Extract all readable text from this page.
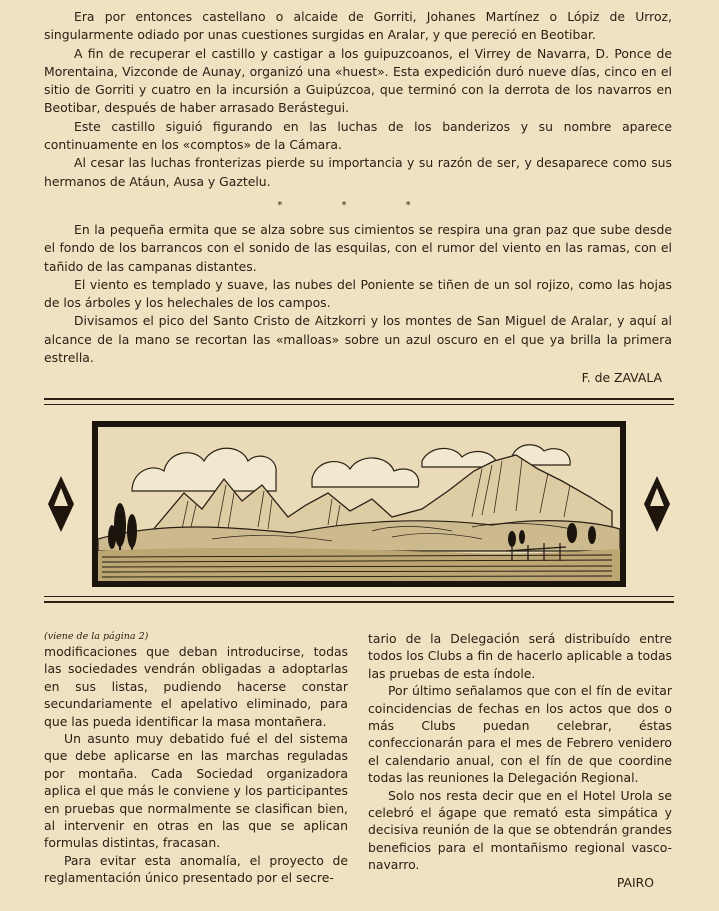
Era por entonces castellano o alcaide de Gorriti, Johanes Martínez o Lópiz de Urroz, singularmente odiado por unas cuestiones surgidas en Aralar, y que pereció en Beotibar.

A fin de recuperar el castillo y castigar a los guipuzcoanos, el Virrey de Navarra, D. Ponce de Morentaina, Vizconde de Aunay, organizó una «huest». Esta expedición duró nueve días, cinco en el sitio de Gorriti y cuatro en la incursión a Guipúzcoa, que terminó con la derrota de los navarros en Beotibar, después de haber arrasado Berástegui.

Este castillo siguió figurando en las luchas de los banderizos y su nombre aparece continuamente en los «comptos» de la Cámara.

Al cesar las luchas fronterizas pierde su importancia y su razón de ser, y desaparece como sus hermanos de Atáun, Ausa y Gaztelu.

* * *

En la pequeña ermita que se alza sobre sus cimientos se respira una gran paz que sube desde el fondo de los barrancos con el sonido de las esquilas, con el rumor del viento en las ramas, con el tañido de las campanas distantes.

El viento es templado y suave, las nubes del Poniente se tiñen de un sol rojizo, como las hojas de los árboles y los helechales de los campos.

Divisamos el pico del Santo Cristo de Aitzkorri y los montes de San Miguel de Aralar, y aquí al alcance de la mano se recortan las «malloas» sobre un azul oscuro en el que ya brilla la primera estrella.

F. de ZAVALA

(viene de la página 2)

modificaciones que deban introducirse, todas las sociedades vendrán obligadas a adoptarlas en sus listas, pudiendo hacerse constar secundariamente el apelativo eliminado, para que las pueda identificar la masa montañera.

Un asunto muy debatido fué el del sistema que debe aplicarse en las marchas reguladas por montaña. Cada Sociedad organizadora aplica el que más le conviene y los participantes en pruebas que normalmente se clasifican bien, al intervenir en otras en las que se aplican formulas distintas, fracasan.

Para evitar esta anomalía, el proyecto de reglamentación único presentado por el secre-

tario de la Delegación será distribuído entre todos los Clubs a fin de hacerlo aplicable a todas las pruebas de esta índole.

Por último señalamos que con el fín de evitar coincidencias de fechas en los actos que dos o más Clubs puedan celebrar, éstas confeccionarán para el mes de Febrero venidero el calendario anual, con el fín de que coordine todas las reuniones la Delegación Regional.

Solo nos resta decir que en el Hotel Urola se celebró el ágape que remató esta simpática y decisiva reunión de la que se obtendrán grandes beneficios para el montañismo regional vasco-navarro.

PAIRO
